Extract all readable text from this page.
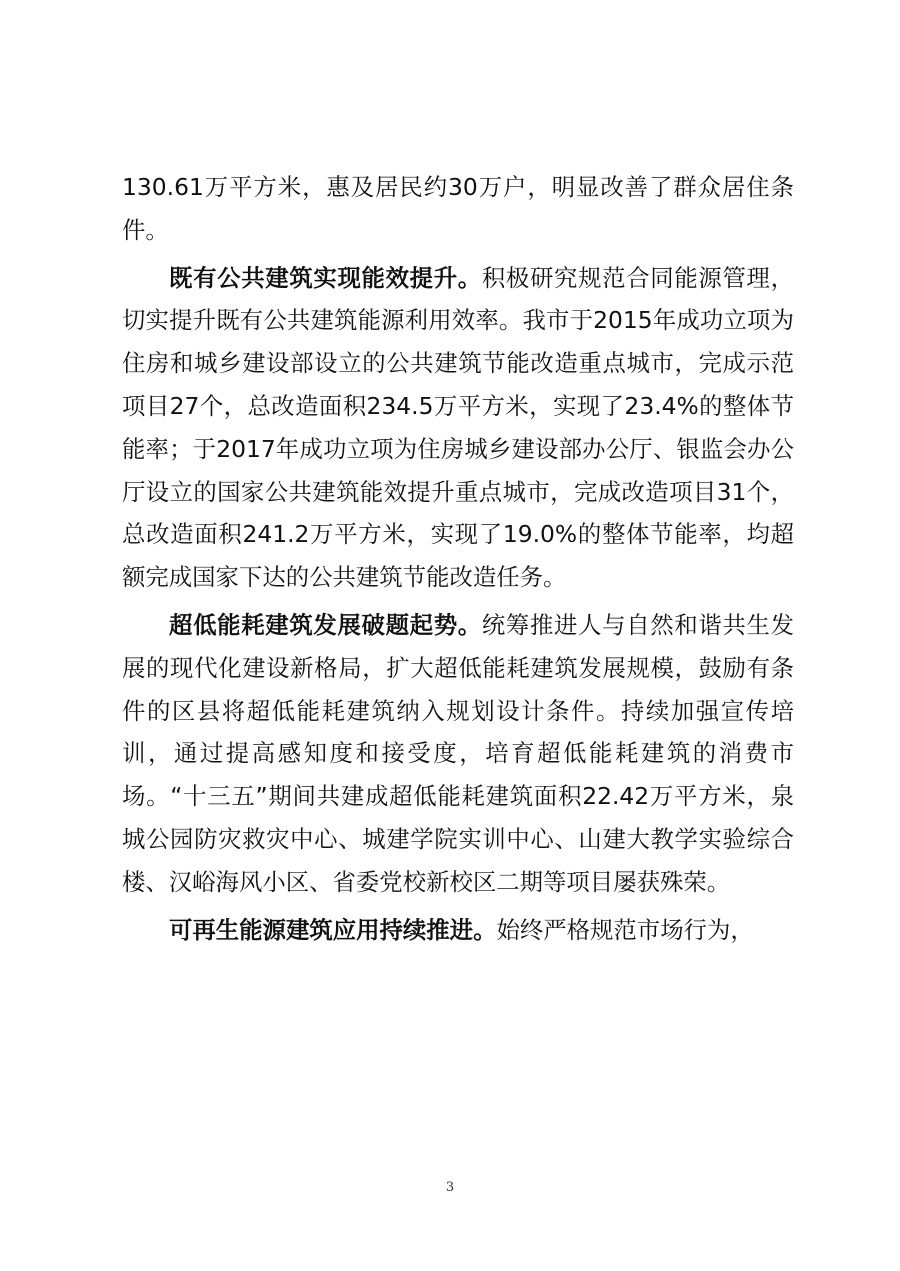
130.61万平方米，惠及居民约30万户，明显改善了群众居住条件。

既有公共建筑实现能效提升。积极研究规范合同能源管理，切实提升既有公共建筑能源利用效率。我市于2015年成功立项为住房和城乡建设部设立的公共建筑节能改造重点城市，完成示范项目27个，总改造面积234.5万平方米，实现了23.4%的整体节能率；于2017年成功立项为住房城乡建设部办公厅、银监会办公厅设立的国家公共建筑能效提升重点城市，完成改造项目31个，总改造面积241.2万平方米，实现了19.0%的整体节能率，均超额完成国家下达的公共建筑节能改造任务。

超低能耗建筑发展破题起势。统筹推进人与自然和谐共生发展的现代化建设新格局，扩大超低能耗建筑发展规模，鼓励有条件的区县将超低能耗建筑纳入规划设计条件。持续加强宣传培训，通过提高感知度和接受度，培育超低能耗建筑的消费市场。“十三五”期间共建成超低能耗建筑面积22.42万平方米，泉城公园防灾救灾中心、城建学院实训中心、山建大教学实验综合楼、汉峪海风小区、省委党校新校区二期等项目屡获殊荣。

可再生能源建筑应用持续推进。始终严格规范市场行为，

3
